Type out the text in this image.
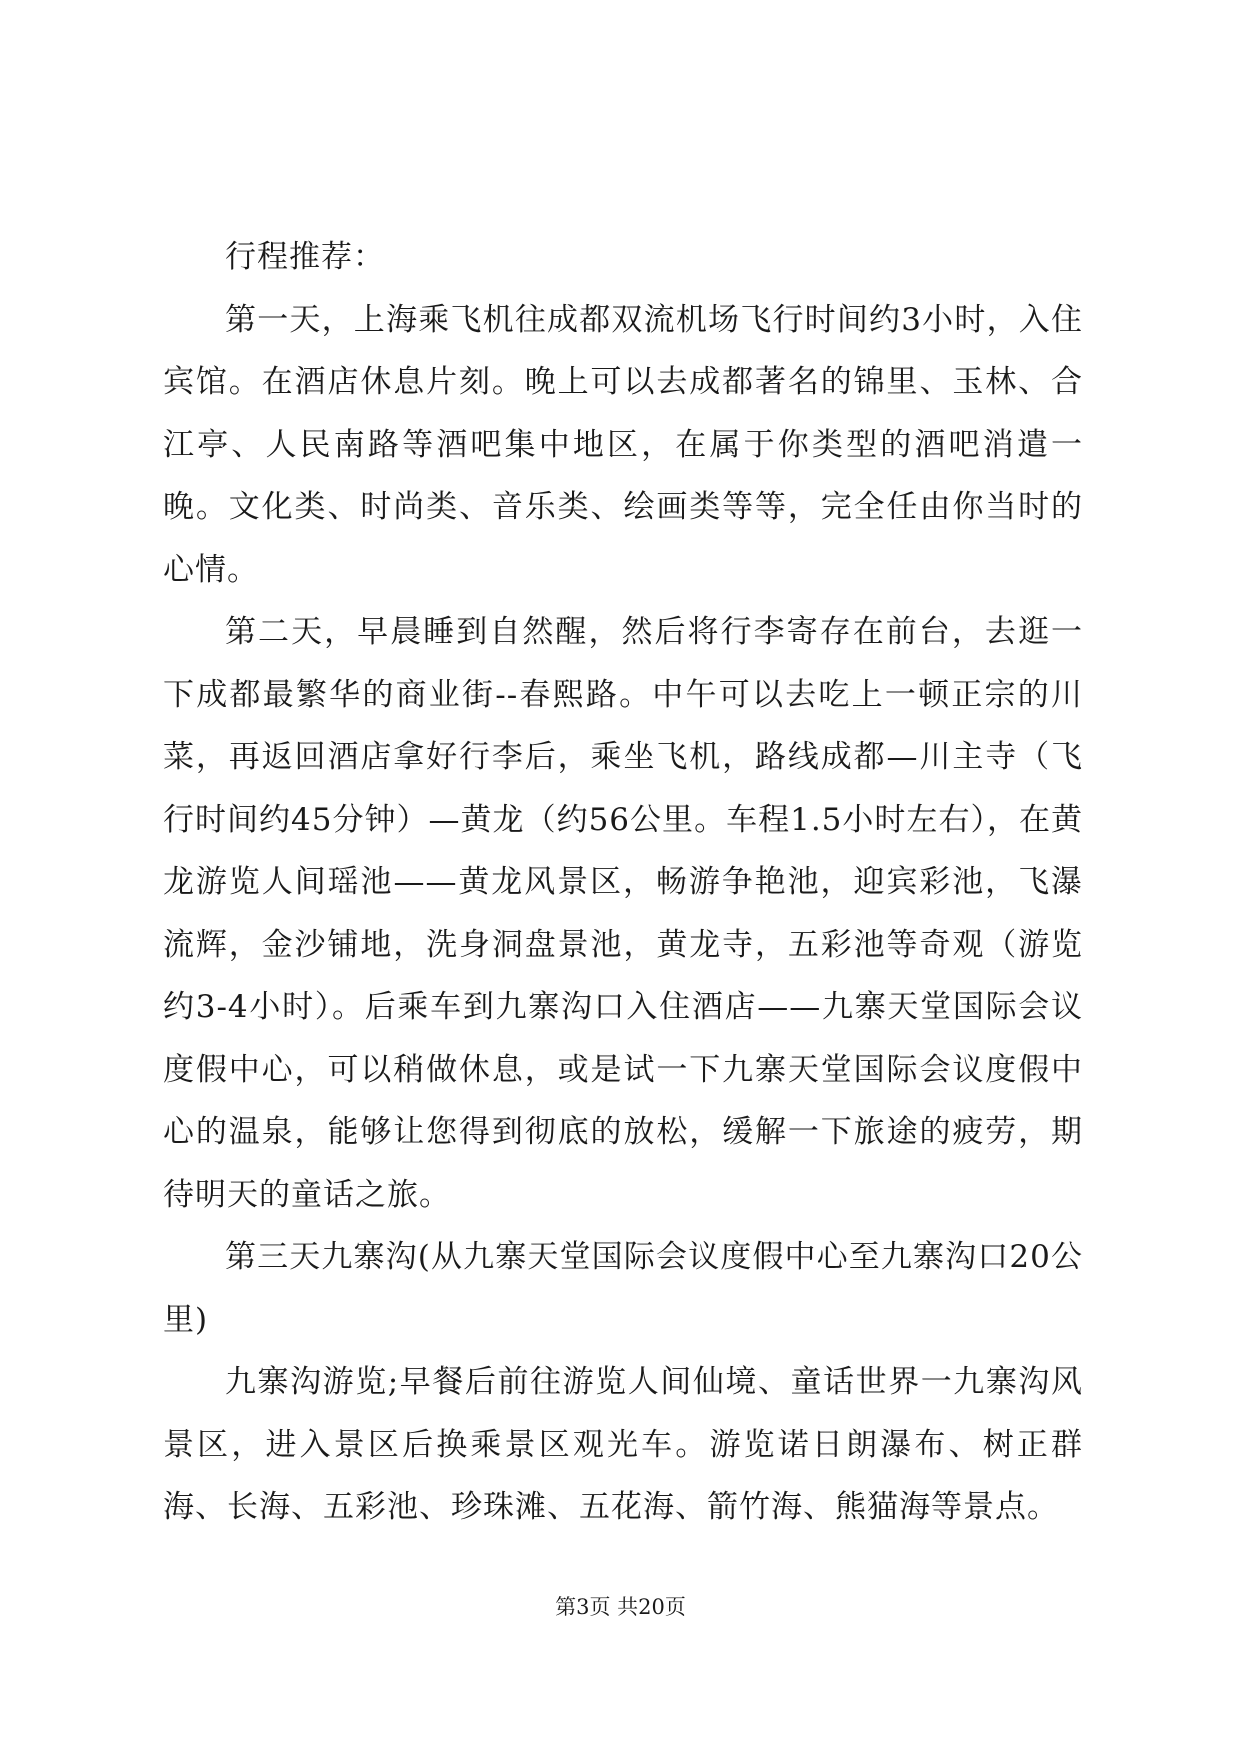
行程推荐：

第一天，上海乘飞机往成都双流机场飞行时间约3小时，入住宾馆。在酒店休息片刻。晚上可以去成都著名的锦里、玉林、合江亭、人民南路等酒吧集中地区，在属于你类型的酒吧消遣一晚。文化类、时尚类、音乐类、绘画类等等，完全任由你当时的心情。

第二天，早晨睡到自然醒，然后将行李寄存在前台，去逛一下成都最繁华的商业街--春熙路。中午可以去吃上一顿正宗的川菜，再返回酒店拿好行李后，乘坐飞机，路线成都—川主寺（飞行时间约45分钟）—黄龙（约56公里。车程1.5小时左右），在黄龙游览人间瑶池——黄龙风景区，畅游争艳池，迎宾彩池，飞瀑流辉，金沙铺地，洗身洞盘景池，黄龙寺，五彩池等奇观（游览约3-4小时）。后乘车到九寨沟口入住酒店——九寨天堂国际会议度假中心，可以稍做休息，或是试一下九寨天堂国际会议度假中心的温泉，能够让您得到彻底的放松，缓解一下旅途的疲劳，期待明天的童话之旅。

第三天九寨沟(从九寨天堂国际会议度假中心至九寨沟口20公里)

九寨沟游览;早餐后前往游览人间仙境、童话世界一九寨沟风景区，进入景区后换乘景区观光车。游览诺日朗瀑布、树正群海、长海、五彩池、珍珠滩、五花海、箭竹海、熊猫海等景点。

第3页 共20页
